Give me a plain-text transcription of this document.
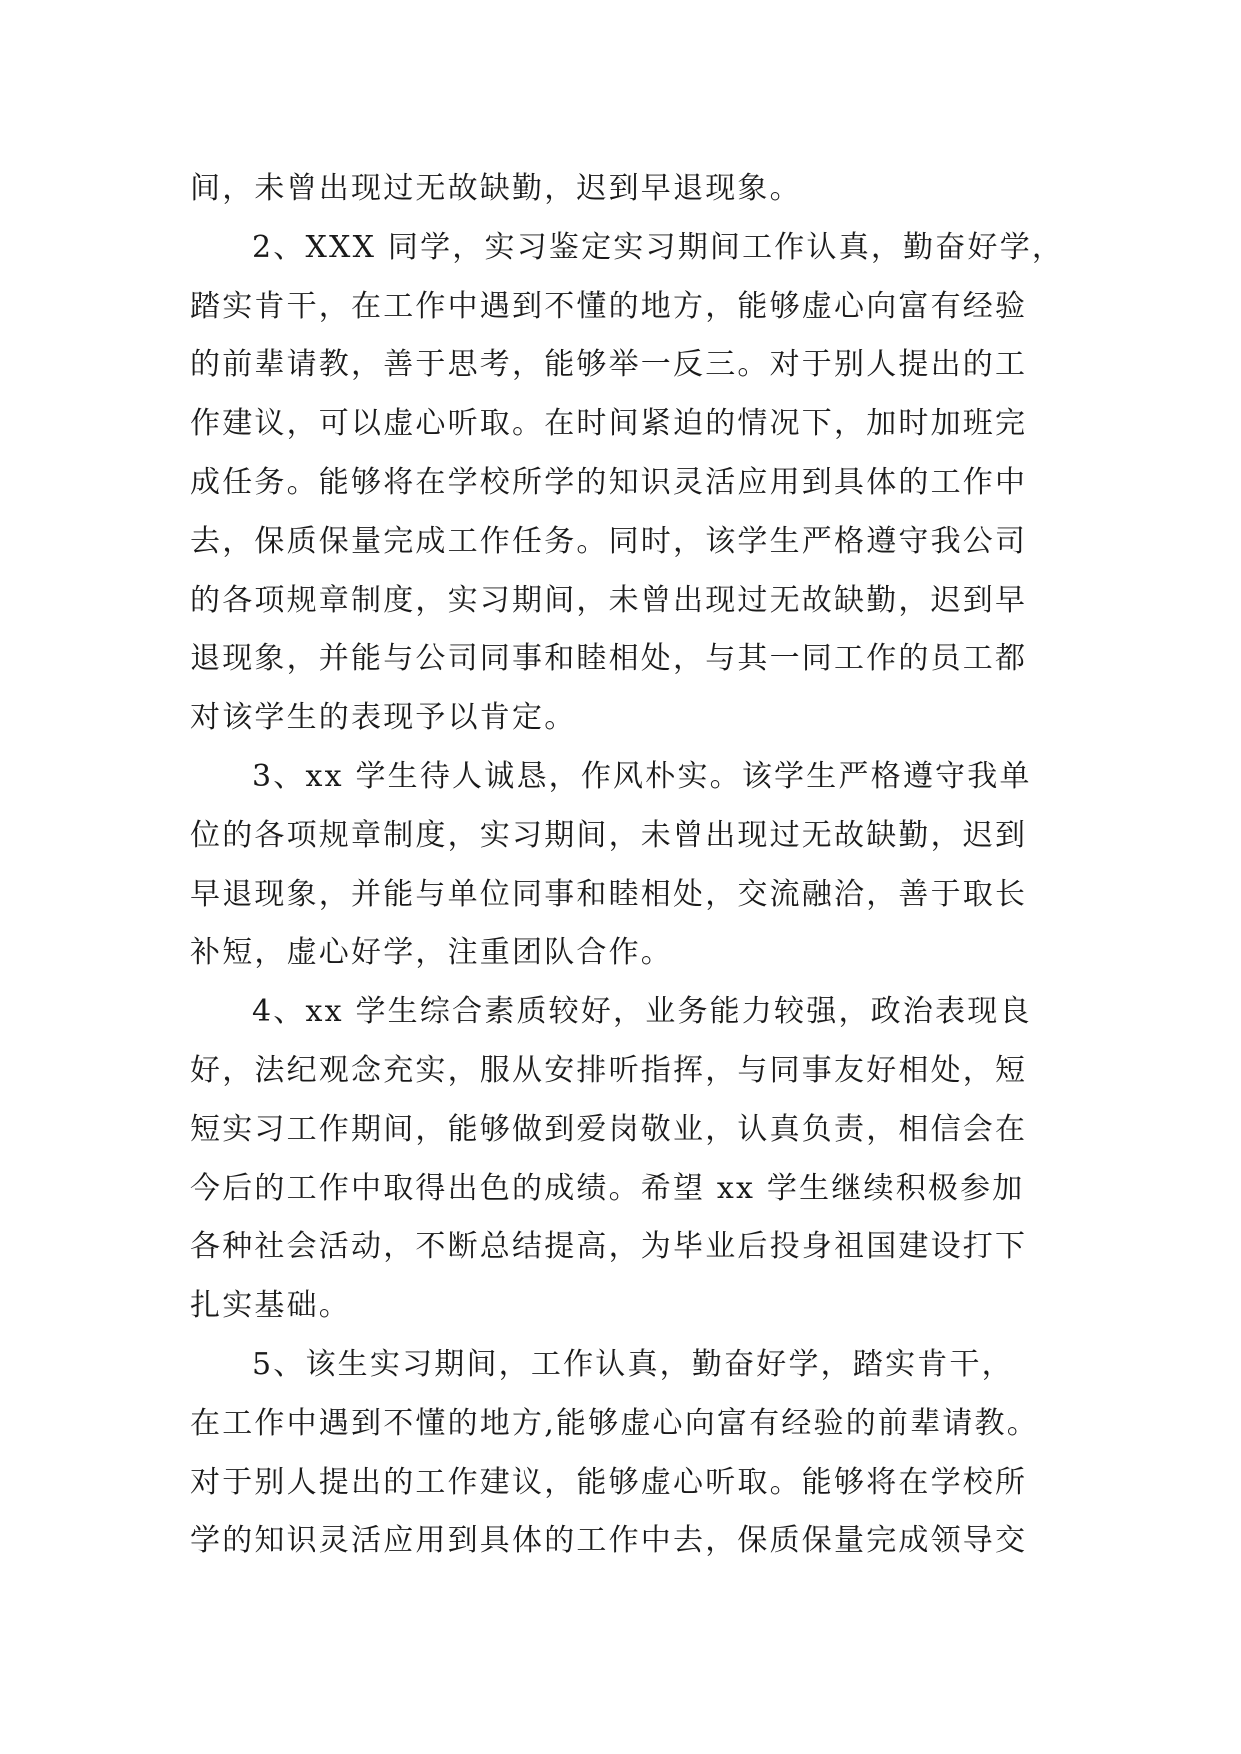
间，未曾出现过无故缺勤，迟到早退现象。
2、XXX 同学，实习鉴定实习期间工作认真，勤奋好学，
踏实肯干，在工作中遇到不懂的地方，能够虚心向富有经验
的前辈请教，善于思考，能够举一反三。对于别人提出的工
作建议，可以虚心听取。在时间紧迫的情况下，加时加班完
成任务。能够将在学校所学的知识灵活应用到具体的工作中
去，保质保量完成工作任务。同时，该学生严格遵守我公司
的各项规章制度，实习期间，未曾出现过无故缺勤，迟到早
退现象，并能与公司同事和睦相处，与其一同工作的员工都
对该学生的表现予以肯定。
3、xx 学生待人诚恳，作风朴实。该学生严格遵守我单
位的各项规章制度，实习期间，未曾出现过无故缺勤，迟到
早退现象，并能与单位同事和睦相处，交流融洽，善于取长
补短，虚心好学，注重团队合作。
4、xx 学生综合素质较好，业务能力较强，政治表现良
好，法纪观念充实，服从安排听指挥，与同事友好相处，短
短实习工作期间，能够做到爱岗敬业，认真负责，相信会在
今后的工作中取得出色的成绩。希望 xx 学生继续积极参加
各种社会活动，不断总结提高，为毕业后投身祖国建设打下
扎实基础。
5、该生实习期间，工作认真，勤奋好学，踏实肯干，
在工作中遇到不懂的地方,能够虚心向富有经验的前辈请教。
对于别人提出的工作建议，能够虚心听取。能够将在学校所
学的知识灵活应用到具体的工作中去，保质保量完成领导交
